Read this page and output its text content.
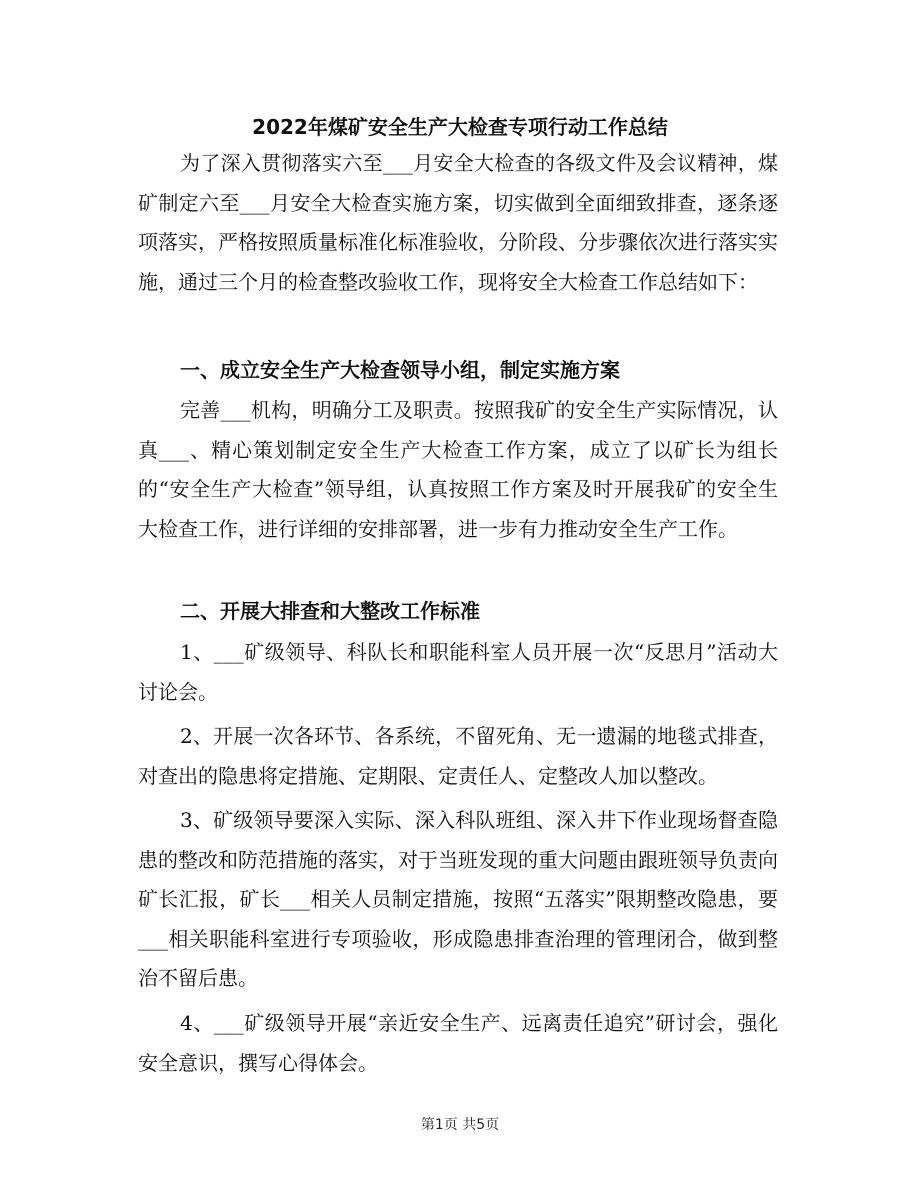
2022年煤矿安全生产大检查专项行动工作总结

为了深入贯彻落实六至___月安全大检查的各级文件及会议精神，煤矿制定六至___月安全大检查实施方案，切实做到全面细致排查，逐条逐项落实，严格按照质量标准化标准验收，分阶段、分步骤依次进行落实实施，通过三个月的检查整改验收工作，现将安全大检查工作总结如下：

一、成立安全生产大检查领导小组，制定实施方案

完善___机构，明确分工及职责。按照我矿的安全生产实际情况，认真___、精心策划制定安全生产大检查工作方案，成立了以矿长为组长的“安全生产大检查”领导组，认真按照工作方案及时开展我矿的安全生大检查工作，进行详细的安排部署，进一步有力推动安全生产工作。

二、开展大排查和大整改工作标准

1、___矿级领导、科队长和职能科室人员开展一次“反思月”活动大讨论会。

2、开展一次各环节、各系统，不留死角、无一遗漏的地毯式排查，对查出的隐患将定措施、定期限、定责任人、定整改人加以整改。

3、矿级领导要深入实际、深入科队班组、深入井下作业现场督查隐患的整改和防范措施的落实，对于当班发现的重大问题由跟班领导负责向矿长汇报，矿长___相关人员制定措施，按照“五落实”限期整改隐患，要___相关职能科室进行专项验收，形成隐患排查治理的管理闭合，做到整治不留后患。

4、___矿级领导开展“亲近安全生产、远离责任追究”研讨会，强化安全意识，撰写心得体会。

第1页 共5页
